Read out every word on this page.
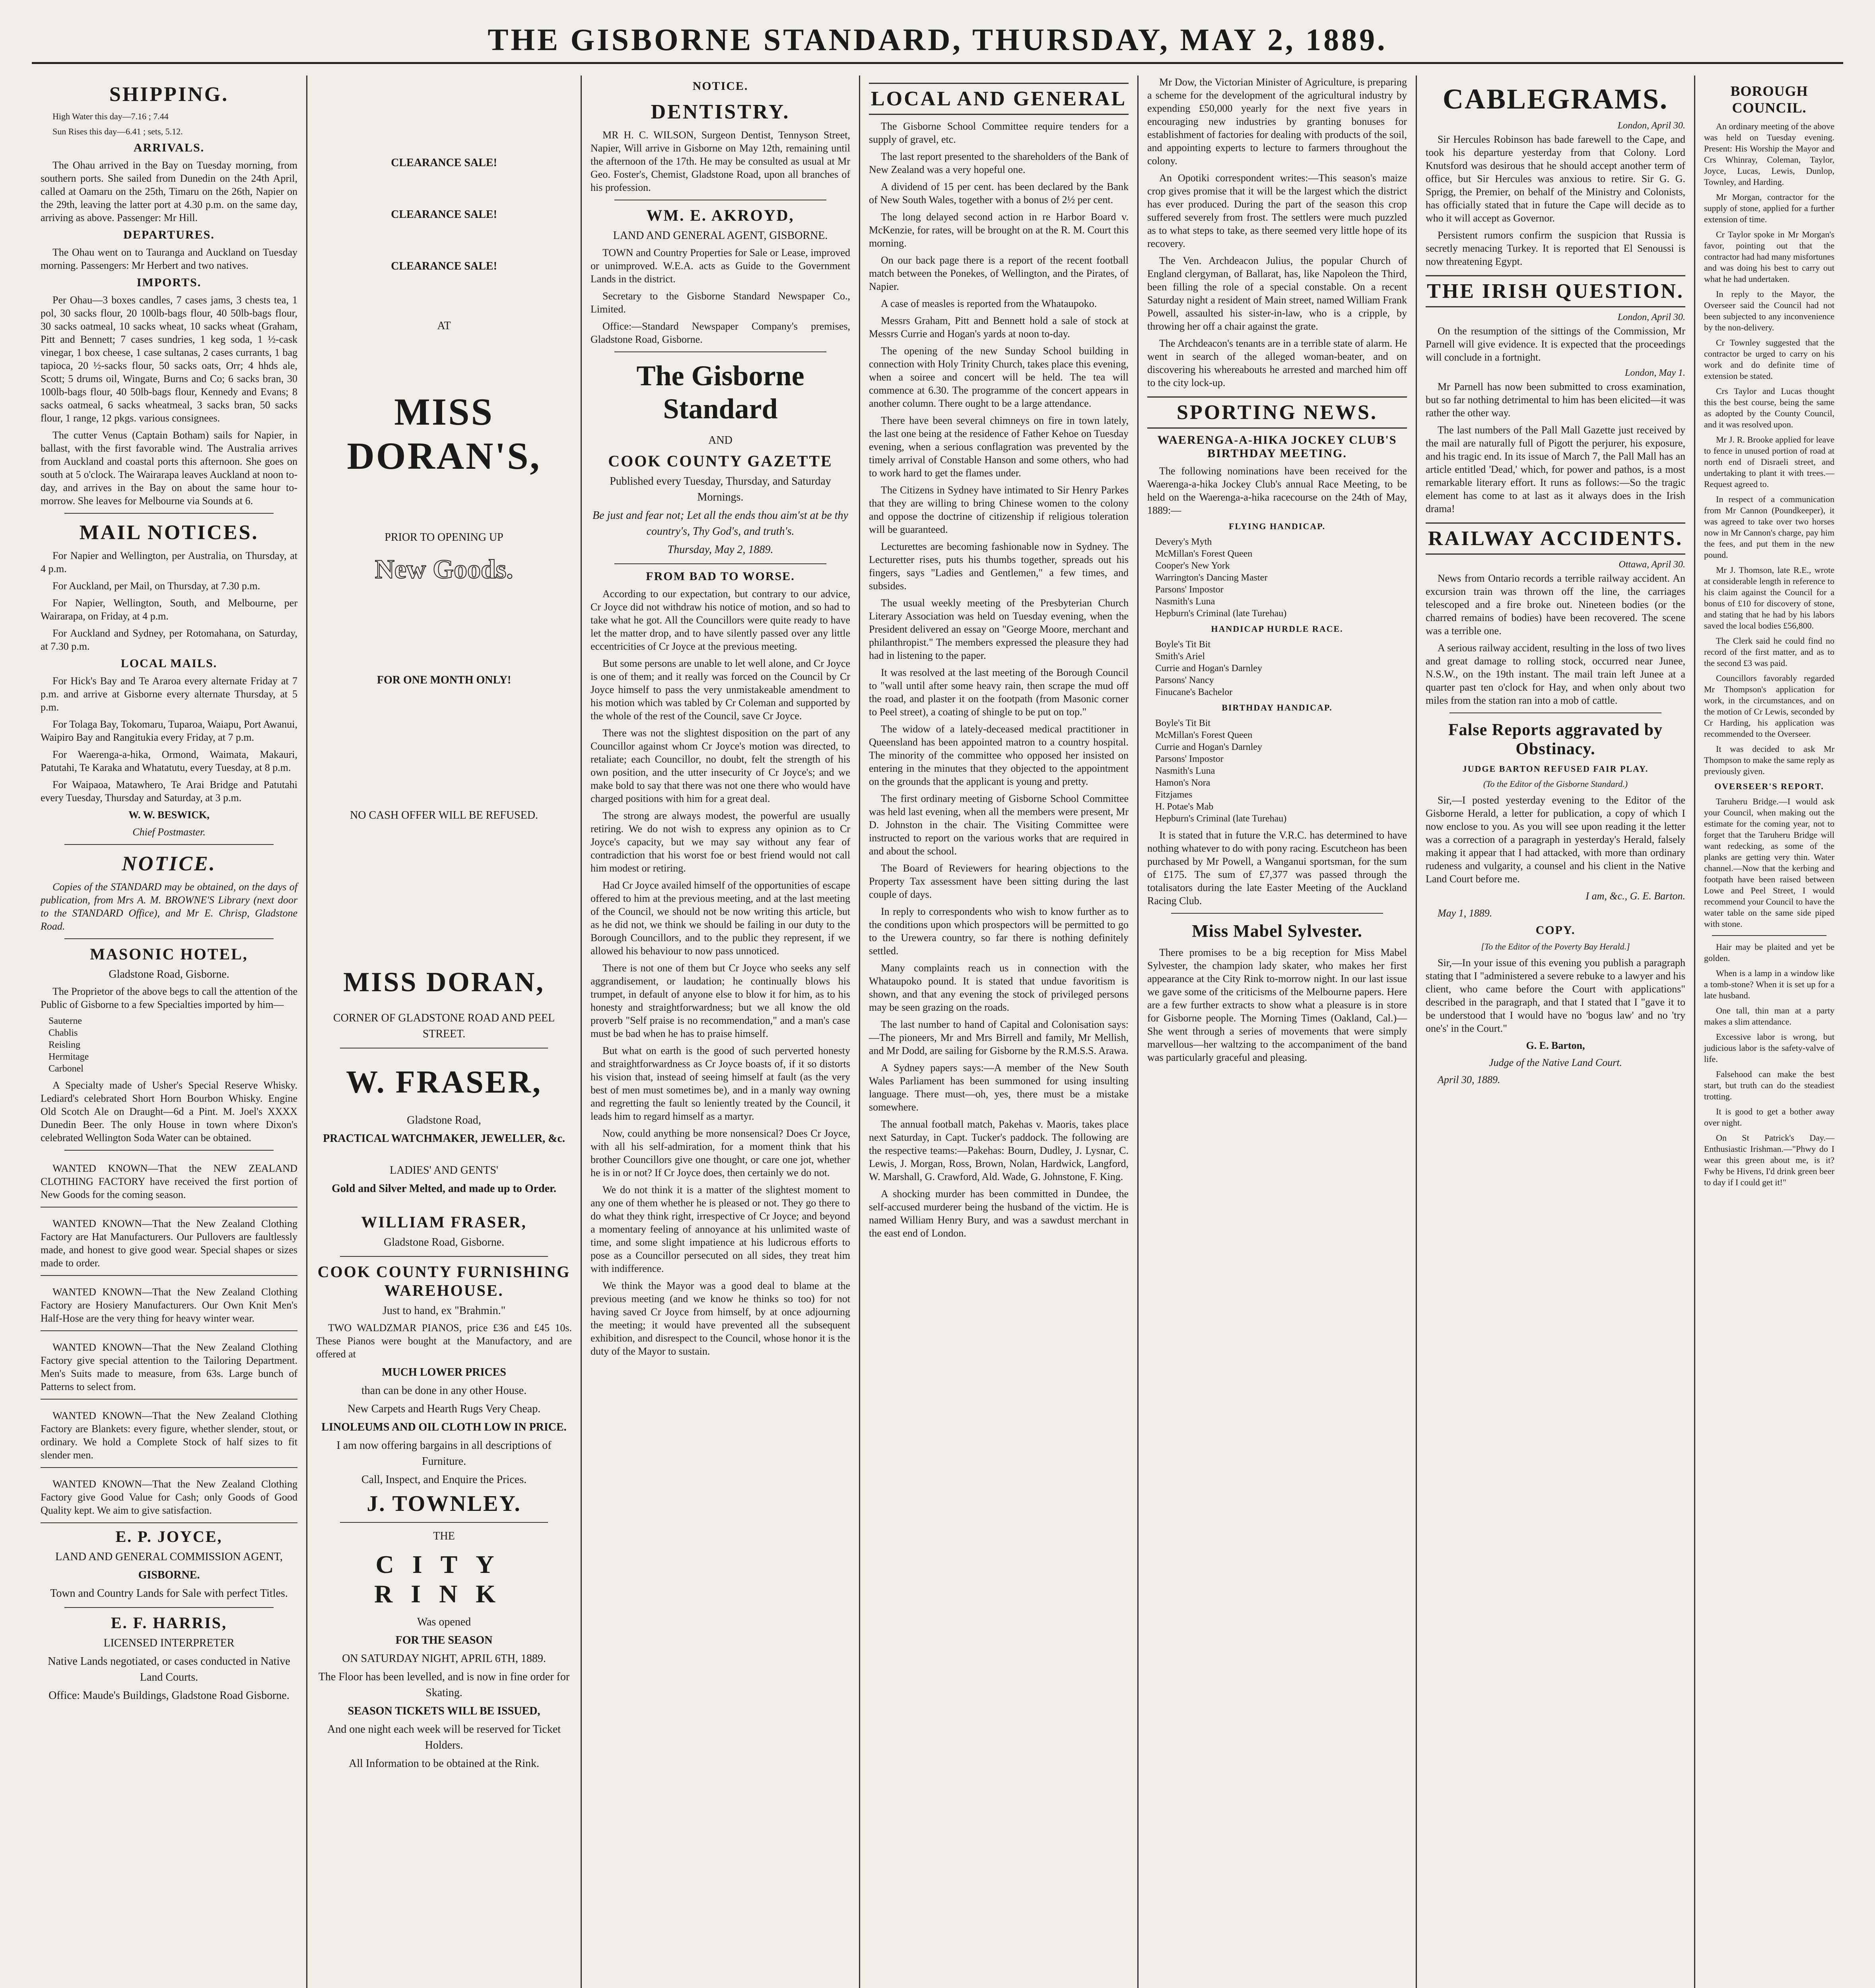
THE GISBORNE STANDARD, THURSDAY, MAY 2, 1889.
SHIPPING.
High Water this day—7.16 ; 7.44
Sun Rises this day—6.41 ; sets, 5.12.
ARRIVALS.
The Ohau arrived in the Bay on Tuesday morning, from southern ports. She sailed from Dunedin on the 24th April, called at Oamaru on the 25th, Timaru on the 26th, Napier on the 29th, leaving the latter port at 4.30 p.m. on the same day, arriving as above. Passenger: Mr Hill.
DEPARTURES.
The Ohau went on to Tauranga and Auckland on Tuesday morning. Passengers: Mr Herbert and two natives.
IMPORTS.
Per Ohau—3 boxes candles, 7 cases jams, 3 chests tea, 1 pol, 30 sacks flour, 20 100lb-bags flour, 40 50lb-bags flour, 30 sacks oatmeal, 10 sacks wheat, 10 sacks wheat (Graham, Pitt and Bennett; 7 cases sundries, 1 keg soda, 1 ½-cask vinegar, 1 box cheese, 1 case sultanas, 2 cases currants, 1 bag tapioca, 20 ½-sacks flour, 50 sacks oats, Orr; 4 hhds ale, Scott; 5 drums oil, Wingate, Burns and Co; 6 sacks bran, 30 100lb-bags flour, 40 50lb-bags flour, Kennedy and Evans; 8 sacks oatmeal, 6 sacks wheatmeal, 3 sacks bran, 50 sacks flour, 1 range, 12 pkgs. various consignees.
The cutter Venus (Captain Botham) sails for Napier, in ballast, with the first favorable wind. The Australia arrives from Auckland and coastal ports this afternoon. She goes on south at 5 o'clock. The Wairarapa leaves Auckland at noon to-day, and arrives in the Bay on about the same hour to-morrow. She leaves for Melbourne via Sounds at 6.
MAIL NOTICES.
For Napier and Wellington, per Australia, on Thursday, at 4 p.m.
For Auckland, per Mail, on Thursday, at 7.30 p.m.
For Napier, Wellington, South, and Melbourne, per Wairarapa, on Friday, at 4 p.m.
For Auckland and Sydney, per Rotomahana, on Saturday, at 7.30 p.m.
LOCAL MAILS.
For Hick's Bay and Te Araroa every alternate Friday at 7 p.m. and arrive at Gisborne every alternate Thursday, at 5 p.m.
For Tolaga Bay, Tokomaru, Tuparoa, Waiapu, Port Awanui, Waipiro Bay and Rangitukia every Friday, at 7 p.m.
For Waerenga-a-hika, Ormond, Waimata, Makauri, Patutahi, Te Karaka and Whatatutu, every Tuesday, at 8 p.m.
For Waipaoa, Matawhero, Te Arai Bridge and Patutahi every Tuesday, Thursday and Saturday, at 3 p.m.
W. W. BESWICK,
Chief Postmaster.
NOTICE.
Copies of the STANDARD may be obtained, on the days of publication, from Mrs A. M. BROWNE'S Library (next door to the STANDARD Office), and Mr E. Chrisp, Gladstone Road.
MASONIC HOTEL,
Gladstone Road, Gisborne.
The Proprietor of the above begs to call the attention of the Public of Gisborne to a few Specialties imported by him—
Sauterne
Chablis
Reisling
Hermitage
Carbonel
A Specialty made of Usher's Special Reserve Whisky. Lediard's celebrated Short Horn Bourbon Whisky. Engine Old Scotch Ale on Draught—6d a Pint. M. Joel's XXXX Dunedin Beer. The only House in town where Dixon's celebrated Wellington Soda Water can be obtained.
WANTED KNOWN—That the NEW ZEALAND CLOTHING FACTORY have received the first portion of New Goods for the coming season.
WANTED KNOWN—That the New Zealand Clothing Factory are Hat Manufacturers. Our Pullovers are faultlessly made, and honest to give good wear. Special shapes or sizes made to order.
WANTED KNOWN—That the New Zealand Clothing Factory are Hosiery Manufacturers. Our Own Knit Men's Half-Hose are the very thing for heavy winter wear.
WANTED KNOWN—That the New Zealand Clothing Factory give special attention to the Tailoring Department. Men's Suits made to measure, from 63s. Large bunch of Patterns to select from.
WANTED KNOWN—That the New Zealand Clothing Factory are Blankets: every figure, whether slender, stout, or ordinary. We hold a Complete Stock of half sizes to fit slender men.
WANTED KNOWN—That the New Zealand Clothing Factory give Good Value for Cash; only Goods of Good Quality kept. We aim to give satisfaction.
E. P. JOYCE,
LAND AND GENERAL COMMISSION AGENT,
GISBORNE.
Town and Country Lands for Sale with perfect Titles.
E. F. HARRIS,
LICENSED INTERPRETER
Native Lands negotiated, or cases conducted in Native Land Courts.
Office: Maude's Buildings, Gladstone Road Gisborne.
CLEARANCE SALE!
CLEARANCE SALE!
CLEARANCE SALE!
AT
MISS DORAN'S,
PRIOR TO OPENING UP
New Goods.
FOR ONE MONTH ONLY!
NO CASH OFFER WILL BE REFUSED.
MISS DORAN,
CORNER OF GLADSTONE ROAD AND PEEL STREET.
W. FRASER,
Gladstone Road,
PRACTICAL WATCHMAKER, JEWELLER, &c.
LADIES' AND GENTS'
Gold and Silver Melted, and made up to Order.
WILLIAM FRASER,
Gladstone Road, Gisborne.
COOK COUNTY FURNISHING WAREHOUSE.
Just to hand, ex "Brahmin."
TWO WALDZMAR PIANOS, price £36 and £45 10s. These Pianos were bought at the Manufactory, and are offered at
MUCH LOWER PRICES
than can be done in any other House.
New Carpets and Hearth Rugs Very Cheap.
LINOLEUMS AND OIL CLOTH LOW IN PRICE.
I am now offering bargains in all descriptions of Furniture.
Call, Inspect, and Enquire the Prices.
J. TOWNLEY.
THE
CITY RINK
Was opened
FOR THE SEASON
ON SATURDAY NIGHT, APRIL 6TH, 1889.
The Floor has been levelled, and is now in fine order for Skating.
SEASON TICKETS WILL BE ISSUED,
And one night each week will be reserved for Ticket Holders.
All Information to be obtained at the Rink.
NOTICE.
DENTISTRY.
MR H. C. WILSON, Surgeon Dentist, Tennyson Street, Napier, Will arrive in Gisborne on May 12th, remaining until the afternoon of the 17th. He may be consulted as usual at Mr Geo. Foster's, Chemist, Gladstone Road, upon all branches of his profession.
WM. E. AKROYD,
LAND AND GENERAL AGENT, GISBORNE.
TOWN and Country Properties for Sale or Lease, improved or unimproved. W.E.A. acts as Guide to the Government Lands in the district.
Secretary to the Gisborne Standard Newspaper Co., Limited.
Office:—Standard Newspaper Company's premises, Gladstone Road, Gisborne.
The Gisborne Standard
AND
COOK COUNTY GAZETTE
Published every Tuesday, Thursday, and Saturday Mornings.
Be just and fear not; Let all the ends thou aim'st at be thy country's, Thy God's, and truth's.
Thursday, May 2, 1889.
FROM BAD TO WORSE.
According to our expectation, but contrary to our advice, Cr Joyce did not withdraw his notice of motion, and so had to take what he got. All the Councillors were quite ready to have let the matter drop, and to have silently passed over any little eccentricities of Cr Joyce at the previous meeting.
But some persons are unable to let well alone, and Cr Joyce is one of them; and it really was forced on the Council by Cr Joyce himself to pass the very unmistakeable amendment to his motion which was tabled by Cr Coleman and supported by the whole of the rest of the Council, save Cr Joyce.
There was not the slightest disposition on the part of any Councillor against whom Cr Joyce's motion was directed, to retaliate; each Councillor, no doubt, felt the strength of his own position, and the utter insecurity of Cr Joyce's; and we make bold to say that there was not one there who would have charged positions with him for a great deal.
The strong are always modest, the powerful are usually retiring. We do not wish to express any opinion as to Cr Joyce's capacity, but we may say without any fear of contradiction that his worst foe or best friend would not call him modest or retiring.
Had Cr Joyce availed himself of the opportunities of escape offered to him at the previous meeting, and at the last meeting of the Council, we should not be now writing this article, but as he did not, we think we should be failing in our duty to the Borough Councillors, and to the public they represent, if we allowed his behaviour to now pass unnoticed.
There is not one of them but Cr Joyce who seeks any self aggrandisement, or laudation; he continually blows his trumpet, in default of anyone else to blow it for him, as to his honesty and straightforwardness; but we all know the old proverb "Self praise is no recommendation," and a man's case must be bad when he has to praise himself.
But what on earth is the good of such perverted honesty and straightforwardness as Cr Joyce boasts of, if it so distorts his vision that, instead of seeing himself at fault (as the very best of men must sometimes be), and in a manly way owning and regretting the fault so leniently treated by the Council, it leads him to regard himself as a martyr.
Now, could anything be more nonsensical? Does Cr Joyce, with all his self-admiration, for a moment think that his brother Councillors give one thought, or care one jot, whether he is in or not? If Cr Joyce does, then certainly we do not.
We do not think it is a matter of the slightest moment to any one of them whether he is pleased or not. They go there to do what they think right, irrespective of Cr Joyce; and beyond a momentary feeling of annoyance at his unlimited waste of time, and some slight impatience at his ludicrous efforts to pose as a Councillor persecuted on all sides, they treat him with indifference.
We think the Mayor was a good deal to blame at the previous meeting (and we know he thinks so too) for not having saved Cr Joyce from himself, by at once adjourning the meeting; it would have prevented all the subsequent exhibition, and disrespect to the Council, whose honor it is the duty of the Mayor to sustain.
LOCAL AND GENERAL
The Gisborne School Committee require tenders for a supply of gravel, etc.
The last report presented to the shareholders of the Bank of New Zealand was a very hopeful one.
A dividend of 15 per cent. has been declared by the Bank of New South Wales, together with a bonus of 2½ per cent.
The long delayed second action in re Harbor Board v. McKenzie, for rates, will be brought on at the R. M. Court this morning.
On our back page there is a report of the recent football match between the Ponekes, of Wellington, and the Pirates, of Napier.
A case of measles is reported from the Whataupoko.
Messrs Graham, Pitt and Bennett hold a sale of stock at Messrs Currie and Hogan's yards at noon to-day.
The opening of the new Sunday School building in connection with Holy Trinity Church, takes place this evening, when a soiree and concert will be held. The tea will commence at 6.30. The programme of the concert appears in another column. There ought to be a large attendance.
There have been several chimneys on fire in town lately, the last one being at the residence of Father Kehoe on Tuesday evening, when a serious conflagration was prevented by the timely arrival of Constable Hanson and some others, who had to work hard to get the flames under.
The Citizens in Sydney have intimated to Sir Henry Parkes that they are willing to bring Chinese women to the colony and oppose the doctrine of citizenship if religious toleration will be guaranteed.
Lecturettes are becoming fashionable now in Sydney. The Lecturetter rises, puts his thumbs together, spreads out his fingers, says "Ladies and Gentlemen," a few times, and subsides.
The usual weekly meeting of the Presbyterian Church Literary Association was held on Tuesday evening, when the President delivered an essay on "George Moore, merchant and philanthropist." The members expressed the pleasure they had had in listening to the paper.
It was resolved at the last meeting of the Borough Council to "wall until after some heavy rain, then scrape the mud off the road, and plaster it on the footpath (from Masonic corner to Peel street), a coating of shingle to be put on top."
The widow of a lately-deceased medical practitioner in Queensland has been appointed matron to a country hospital. The minority of the committee who opposed her insisted on entering in the minutes that they objected to the appointment on the grounds that the applicant is young and pretty.
The first ordinary meeting of Gisborne School Committee was held last evening, when all the members were present, Mr D. Johnston in the chair. The Visiting Committee were instructed to report on the various works that are required in and about the school.
The Board of Reviewers for hearing objections to the Property Tax assessment have been sitting during the last couple of days.
In reply to correspondents who wish to know further as to the conditions upon which prospectors will be permitted to go to the Urewera country, so far there is nothing definitely settled.
Many complaints reach us in connection with the Whataupoko pound. It is stated that undue favoritism is shown, and that any evening the stock of privileged persons may be seen grazing on the roads.
The last number to hand of Capital and Colonisation says:—The pioneers, Mr and Mrs Birrell and family, Mr Mellish, and Mr Dodd, are sailing for Gisborne by the R.M.S.S. Arawa.
A Sydney papers says:—A member of the New South Wales Parliament has been summoned for using insulting language. There must—oh, yes, there must be a mistake somewhere.
The annual football match, Pakehas v. Maoris, takes place next Saturday, in Capt. Tucker's paddock. The following are the respective teams:—Pakehas: Bourn, Dudley, J. Lysnar, C. Lewis, J. Morgan, Ross, Brown, Nolan, Hardwick, Langford, W. Marshall, G. Crawford, Ald. Wade, G. Johnstone, F. King.
A shocking murder has been committed in Dundee, the self-accused murderer being the husband of the victim. He is named William Henry Bury, and was a sawdust merchant in the east end of London.
Mr Dow, the Victorian Minister of Agriculture, is preparing a scheme for the development of the agricultural industry by expending £50,000 yearly for the next five years in encouraging new industries by granting bonuses for establishment of factories for dealing with products of the soil, and appointing experts to lecture to farmers throughout the colony.
An Opotiki correspondent writes:—This season's maize crop gives promise that it will be the largest which the district has ever produced. During the part of the season this crop suffered severely from frost. The settlers were much puzzled as to what steps to take, as there seemed very little hope of its recovery.
The Ven. Archdeacon Julius, the popular Church of England clergyman, of Ballarat, has, like Napoleon the Third, been filling the role of a special constable. On a recent Saturday night a resident of Main street, named William Frank Powell, assaulted his sister-in-law, who is a cripple, by throwing her off a chair against the grate.
The Archdeacon's tenants are in a terrible state of alarm. He went in search of the alleged woman-beater, and on discovering his whereabouts he arrested and marched him off to the city lock-up.
SPORTING NEWS.
WAERENGA-A-HIKA JOCKEY CLUB'S BIRTHDAY MEETING.
The following nominations have been received for the Waerenga-a-hika Jockey Club's annual Race Meeting, to be held on the Waerenga-a-hika racecourse on the 24th of May, 1889:—
FLYING HANDICAP.
Devery's Myth
McMillan's Forest Queen
Cooper's New York
Warrington's Dancing Master
Parsons' Impostor
Nasmith's Luna
Hepburn's Criminal (late Turehau)
HANDICAP HURDLE RACE.
Boyle's Tit Bit
Smith's Ariel
Currie and Hogan's Darnley
Parsons' Nancy
Finucane's Bachelor
BIRTHDAY HANDICAP.
Boyle's Tit Bit
McMillan's Forest Queen
Currie and Hogan's Darnley
Parsons' Impostor
Nasmith's Luna
Hamon's Nora
Fitzjames
H. Potae's Mab
Hepburn's Criminal (late Turehau)
It is stated that in future the V.R.C. has determined to have nothing whatever to do with pony racing. Escutcheon has been purchased by Mr Powell, a Wanganui sportsman, for the sum of £175. The sum of £7,377 was passed through the totalisators during the late Easter Meeting of the Auckland Racing Club.
Miss Mabel Sylvester.
There promises to be a big reception for Miss Mabel Sylvester, the champion lady skater, who makes her first appearance at the City Rink to-morrow night. In our last issue we gave some of the criticisms of the Melbourne papers. Here are a few further extracts to show what a pleasure is in store for Gisborne people. The Morning Times (Oakland, Cal.)—She went through a series of movements that were simply marvellous—her waltzing to the accompaniment of the band was particularly graceful and pleasing.
CABLEGRAMS.
London, April 30.
Sir Hercules Robinson has bade farewell to the Cape, and took his departure yesterday from that Colony. Lord Knutsford was desirous that he should accept another term of office, but Sir Hercules was anxious to retire. Sir G. G. Sprigg, the Premier, on behalf of the Ministry and Colonists, has officially stated that in future the Cape will decide as to who it will accept as Governor.
Persistent rumors confirm the suspicion that Russia is secretly menacing Turkey. It is reported that El Senoussi is now threatening Egypt.
THE IRISH QUESTION.
London, April 30.
On the resumption of the sittings of the Commission, Mr Parnell will give evidence. It is expected that the proceedings will conclude in a fortnight.
London, May 1.
Mr Parnell has now been submitted to cross examination, but so far nothing detrimental to him has been elicited—it was rather the other way.
The last numbers of the Pall Mall Gazette just received by the mail are naturally full of Pigott the perjurer, his exposure, and his tragic end. In its issue of March 7, the Pall Mall has an article entitled 'Dead,' which, for power and pathos, is a most remarkable literary effort. It runs as follows:—So the tragic element has come to at last as it always does in the Irish drama!
RAILWAY ACCIDENTS.
Ottawa, April 30.
News from Ontario records a terrible railway accident. An excursion train was thrown off the line, the carriages telescoped and a fire broke out. Nineteen bodies (or the charred remains of bodies) have been recovered. The scene was a terrible one.
A serious railway accident, resulting in the loss of two lives and great damage to rolling stock, occurred near Junee, N.S.W., on the 19th instant. The mail train left Junee at a quarter past ten o'clock for Hay, and when only about two miles from the station ran into a mob of cattle.
False Reports aggravated by Obstinacy.
JUDGE BARTON REFUSED FAIR PLAY.
(To the Editor of the Gisborne Standard.)
Sir,—I posted yesterday evening to the Editor of the Gisborne Herald, a letter for publication, a copy of which I now enclose to you. As you will see upon reading it the letter was a correction of a paragraph in yesterday's Herald, falsely making it appear that I had attacked, with more than ordinary rudeness and vulgarity, a counsel and his client in the Native Land Court before me.
I am, &c., G. E. Barton.
May 1, 1889.
COPY.
[To the Editor of the Poverty Bay Herald.]
Sir,—In your issue of this evening you publish a paragraph stating that I "administered a severe rebuke to a lawyer and his client, who came before the Court with applications" described in the paragraph, and that I stated that I "gave it to be understood that I would have no 'bogus law' and no 'try one's' in the Court."
G. E. Barton,
Judge of the Native Land Court.
April 30, 1889.
BOROUGH COUNCIL.
An ordinary meeting of the above was held on Tuesday evening. Present: His Worship the Mayor and Crs Whinray, Coleman, Taylor, Joyce, Lucas, Lewis, Dunlop, Townley, and Harding.
Mr Morgan, contractor for the supply of stone, applied for a further extension of time.
Cr Taylor spoke in Mr Morgan's favor, pointing out that the contractor had had many misfortunes and was doing his best to carry out what he had undertaken.
In reply to the Mayor, the Overseer said the Council had not been subjected to any inconvenience by the non-delivery.
Cr Townley suggested that the contractor be urged to carry on his work and do definite time of extension be stated.
Crs Taylor and Lucas thought this the best course, being the same as adopted by the County Council, and it was resolved upon.
Mr J. R. Brooke applied for leave to fence in unused portion of road at north end of Disraeli street, and undertaking to plant it with trees.—Request agreed to.
In respect of a communication from Mr Cannon (Poundkeeper), it was agreed to take over two horses now in Mr Cannon's charge, pay him the fees, and put them in the new pound.
Mr J. Thomson, late R.E., wrote at considerable length in reference to his claim against the Council for a bonus of £10 for discovery of stone, and stating that he had by his labors saved the local bodies £56,800.
The Clerk said he could find no record of the first matter, and as to the second £3 was paid.
Councillors favorably regarded Mr Thompson's application for work, in the circumstances, and on the motion of Cr Lewis, seconded by Cr Harding, his application was recommended to the Overseer.
It was decided to ask Mr Thompson to make the same reply as previously given.
OVERSEER'S REPORT.
Taruheru Bridge.—I would ask your Council, when making out the estimate for the coming year, not to forget that the Taruheru Bridge will want redecking, as some of the planks are getting very thin. Water channel.—Now that the kerbing and footpath have been raised between Lowe and Peel Street, I would recommend your Council to have the water table on the same side piped with stone.
Hair may be plaited and yet be golden.
When is a lamp in a window like a tomb-stone? When it is set up for a late husband.
One tall, thin man at a party makes a slim attendance.
Excessive labor is wrong, but judicious labor is the safety-valve of life.
Falsehood can make the best start, but truth can do the steadiest trotting.
It is good to get a bother away over night.
On St Patrick's Day.—Enthusiastic Irishman.—"Phwy do I wear this green about me, is it? Fwhy be Hivens, I'd drink green beer to day if I could get it!"
